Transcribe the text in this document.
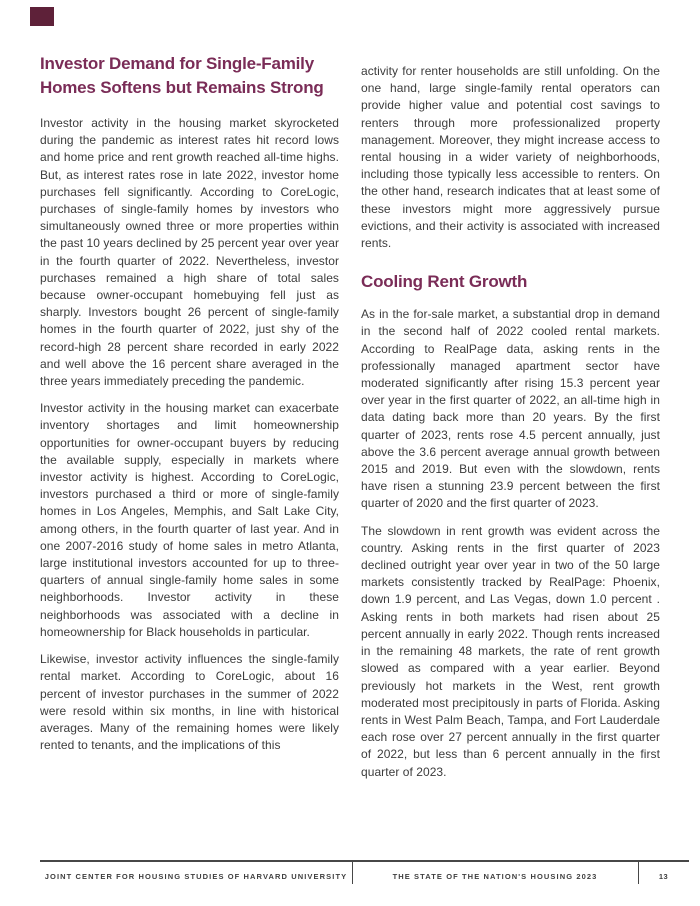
Investor Demand for Single-Family
Homes Softens but Remains Strong

Investor activity in the housing market skyrocketed during the pandemic as interest rates hit record lows and home price and rent growth reached all-time highs. But, as interest rates rose in late 2022, investor home purchases fell significantly. According to CoreLogic, purchases of single-family homes by investors who simultaneously owned three or more properties within the past 10 years declined by 25 percent year over year in the fourth quarter of 2022. Nevertheless, investor purchases remained a high share of total sales because owner-occupant homebuying fell just as sharply. Investors bought 26 percent of single-family homes in the fourth quarter of 2022, just shy of the record-high 28 percent share recorded in early 2022 and well above the 16 percent share averaged in the three years immediately preceding the pandemic.

Investor activity in the housing market can exacerbate inventory shortages and limit homeownership opportunities for owner-occupant buyers by reducing the available supply, especially in markets where investor activity is highest. According to CoreLogic, investors purchased a third or more of single-family homes in Los Angeles, Memphis, and Salt Lake City, among others, in the fourth quarter of last year. And in one 2007-2016 study of home sales in metro Atlanta, large institutional investors accounted for up to three-quarters of annual single-family home sales in some neighborhoods. Investor activity in these neighborhoods was associated with a decline in homeownership for Black households in particular.

Likewise, investor activity influences the single-family rental market. According to CoreLogic, about 16 percent of investor purchases in the summer of 2022 were resold within six months, in line with historical averages. Many of the remaining homes were likely rented to tenants, and the implications of this

activity for renter households are still unfolding. On the one hand, large single-family rental operators can provide higher value and potential cost savings to renters through more professionalized property management. Moreover, they might increase access to rental housing in a wider variety of neighborhoods, including those typically less accessible to renters. On the other hand, research indicates that at least some of these investors might more aggressively pursue evictions, and their activity is associated with increased rents.

Cooling Rent Growth

As in the for-sale market, a substantial drop in demand in the second half of 2022 cooled rental markets. According to RealPage data, asking rents in the professionally managed apartment sector have moderated significantly after rising 15.3 percent year over year in the first quarter of 2022, an all-time high in data dating back more than 20 years. By the first quarter of 2023, rents rose 4.5 percent annually, just above the 3.6 percent average annual growth between 2015 and 2019. But even with the slowdown, rents have risen a stunning 23.9 percent between the first quarter of 2020 and the first quarter of 2023.

The slowdown in rent growth was evident across the country. Asking rents in the first quarter of 2023 declined outright year over year in two of the 50 large markets consistently tracked by RealPage: Phoenix, down 1.9 percent, and Las Vegas, down 1.0 percent . Asking rents in both markets had risen about 25 percent annually in early 2022. Though rents increased in the remaining 48 markets, the rate of rent growth slowed as compared with a year earlier. Beyond previously hot markets in the West, rent growth moderated most precipitously in parts of Florida. Asking rents in West Palm Beach, Tampa, and Fort Lauderdale each rose over 27 percent annually in the first quarter of 2022, but less than 6 percent annually in the first quarter of 2023.

JOINT CENTER FOR HOUSING STUDIES OF HARVARD UNIVERSITY	THE STATE OF THE NATION'S HOUSING 2023	13
